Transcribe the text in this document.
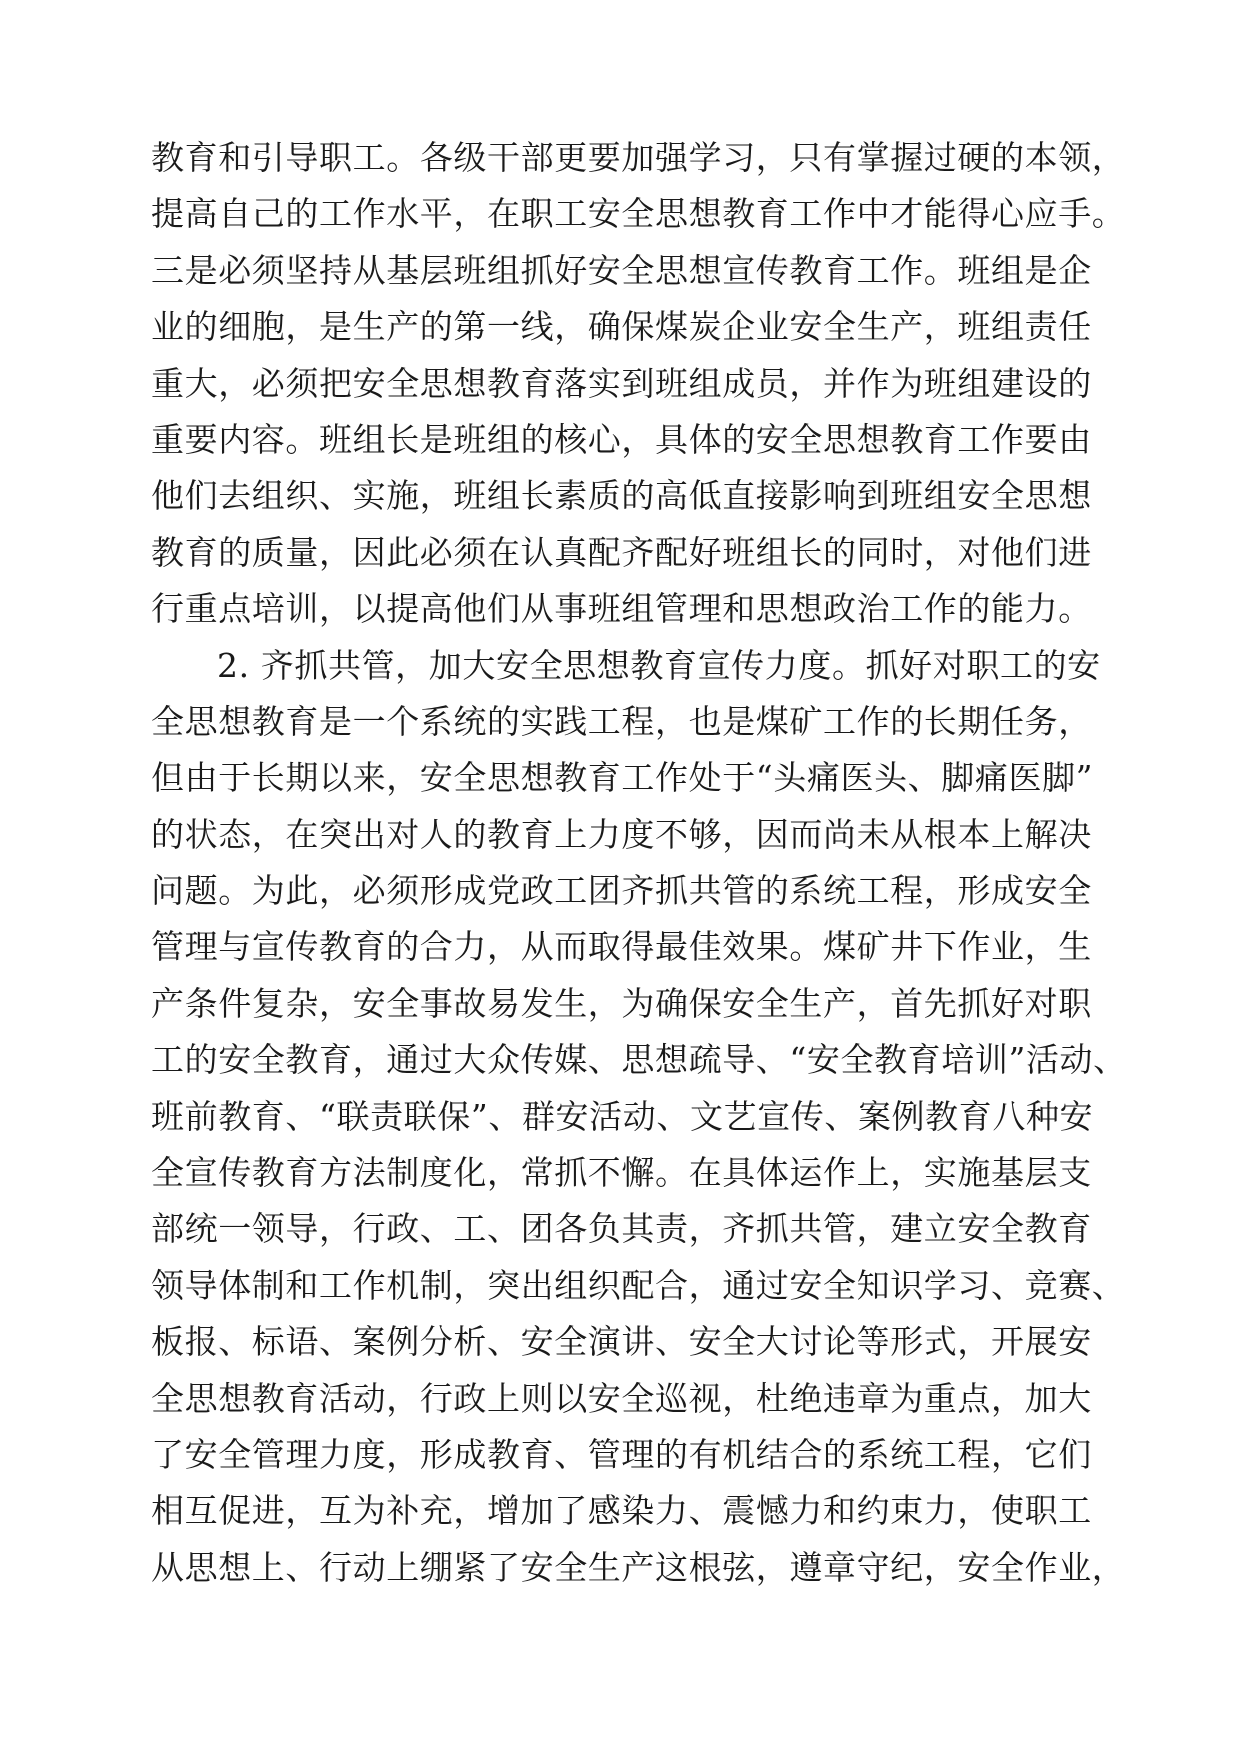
教育和引导职工。各级干部更要加强学习，只有掌握过硬的本领，
提高自己的工作水平，在职工安全思想教育工作中才能得心应手。
三是必须坚持从基层班组抓好安全思想宣传教育工作。班组是企
业的细胞，是生产的第一线，确保煤炭企业安全生产，班组责任
重大，必须把安全思想教育落实到班组成员，并作为班组建设的
重要内容。班组长是班组的核心，具体的安全思想教育工作要由
他们去组织、实施，班组长素质的高低直接影响到班组安全思想
教育的质量，因此必须在认真配齐配好班组长的同时，对他们进
行重点培训，以提高他们从事班组管理和思想政治工作的能力。
2. 齐抓共管，加大安全思想教育宣传力度。抓好对职工的安
全思想教育是一个系统的实践工程，也是煤矿工作的长期任务，
但由于长期以来，安全思想教育工作处于“头痛医头、脚痛医脚”
的状态，在突出对人的教育上力度不够，因而尚未从根本上解决
问题。为此，必须形成党政工团齐抓共管的系统工程，形成安全
管理与宣传教育的合力，从而取得最佳效果。煤矿井下作业，生
产条件复杂，安全事故易发生，为确保安全生产，首先抓好对职
工的安全教育，通过大众传媒、思想疏导、“安全教育培训”活动、
班前教育、“联责联保”、群安活动、文艺宣传、案例教育八种安
全宣传教育方法制度化，常抓不懈。在具体运作上，实施基层支
部统一领导，行政、工、团各负其责，齐抓共管，建立安全教育
领导体制和工作机制，突出组织配合，通过安全知识学习、竞赛、
板报、标语、案例分析、安全演讲、安全大讨论等形式，开展安
全思想教育活动，行政上则以安全巡视，杜绝违章为重点，加大
了安全管理力度，形成教育、管理的有机结合的系统工程，它们
相互促进，互为补充，增加了感染力、震憾力和约束力，使职工
从思想上、行动上绷紧了安全生产这根弦，遵章守纪，安全作业，
